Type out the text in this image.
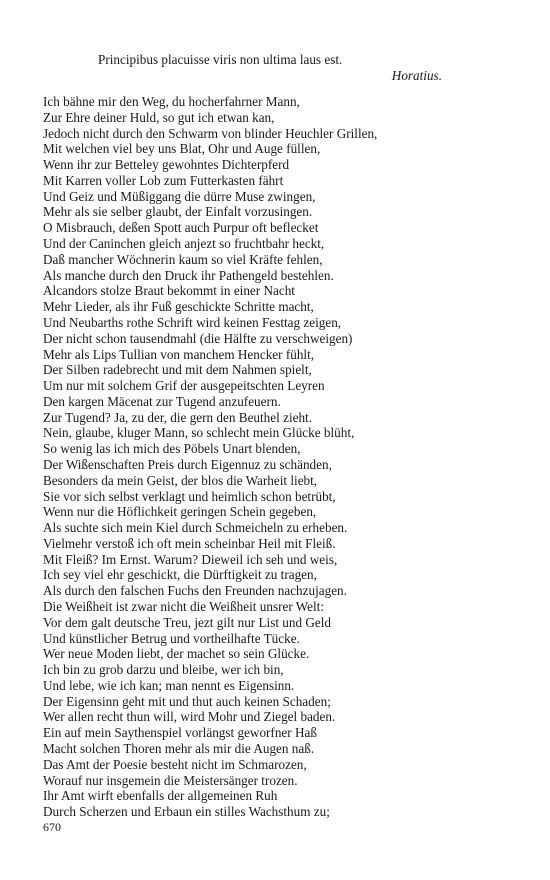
Principibus placuisse viris non ultima laus est.
Horatius.
Ich bähne mir den Weg, du hocherfahrner Mann,
Zur Ehre deiner Huld, so gut ich etwan kan,
Jedoch nicht durch den Schwarm von blinder Heuchler Grillen,
Mit welchen viel bey uns Blat, Ohr und Auge füllen,
Wenn ihr zur Betteley gewohntes Dichterpferd
Mit Karren voller Lob zum Futterkasten fährt
Und Geiz und Müßiggang die dürre Muse zwingen,
Mehr als sie selber glaubt, der Einfalt vorzusingen.
O Misbrauch, deßen Spott auch Purpur oft beflecket
Und der Caninchen gleich anjezt so fruchtbahr heckt,
Daß mancher Wöchnerin kaum so viel Kräfte fehlen,
Als manche durch den Druck ihr Pathengeld bestehlen.
Alcandors stolze Braut bekommt in einer Nacht
Mehr Lieder, als ihr Fuß geschickte Schritte macht,
Und Neubarths rothe Schrift wird keinen Festtag zeigen,
Der nicht schon tausendmahl (die Hälfte zu verschweigen)
Mehr als Lips Tullian von manchem Hencker fühlt,
Der Silben radebrecht und mit dem Nahmen spielt,
Um nur mit solchem Grif der ausgepeitschten Leyren
Den kargen Mäcenat zur Tugend anzufeuern.
Zur Tugend? Ja, zu der, die gern den Beuthel zieht.
Nein, glaube, kluger Mann, so schlecht mein Glücke blüht,
So wenig las ich mich des Pöbels Unart blenden,
Der Wißenschaften Preis durch Eigennuz zu schänden,
Besonders da mein Geist, der blos die Warheit liebt,
Sie vor sich selbst verklagt und heimlich schon betrübt,
Wenn nur die Höflichkeit geringen Schein gegeben,
Als suchte sich mein Kiel durch Schmeicheln zu erheben.
Vielmehr verstoß ich oft mein scheinbar Heil mit Fleiß.
Mit Fleiß? Im Ernst. Warum? Dieweil ich seh und weis,
Ich sey viel ehr geschickt, die Dürftigkeit zu tragen,
Als durch den falschen Fuchs den Freunden nachzujagen.
Die Weißheit ist zwar nicht die Weißheit unsrer Welt:
Vor dem galt deutsche Treu, jezt gilt nur List und Geld
Und künstlicher Betrug und vortheilhafte Tücke.
Wer neue Moden liebt, der machet so sein Glücke.
Ich bin zu grob darzu und bleibe, wer ich bin,
Und lebe, wie ich kan; man nennt es Eigensinn.
Der Eigensinn geht mit und thut auch keinen Schaden;
Wer allen recht thun will, wird Mohr und Ziegel baden.
Ein auf mein Saythenspiel vorlängst geworfner Haß
Macht solchen Thoren mehr als mir die Augen naß.
Das Amt der Poesie besteht nicht im Schmarozen,
Worauf nur insgemein die Meistersänger trozen.
Ihr Amt wirft ebenfalls der allgemeinen Ruh
Durch Scherzen und Erbaun ein stilles Wachsthum zu;
670
